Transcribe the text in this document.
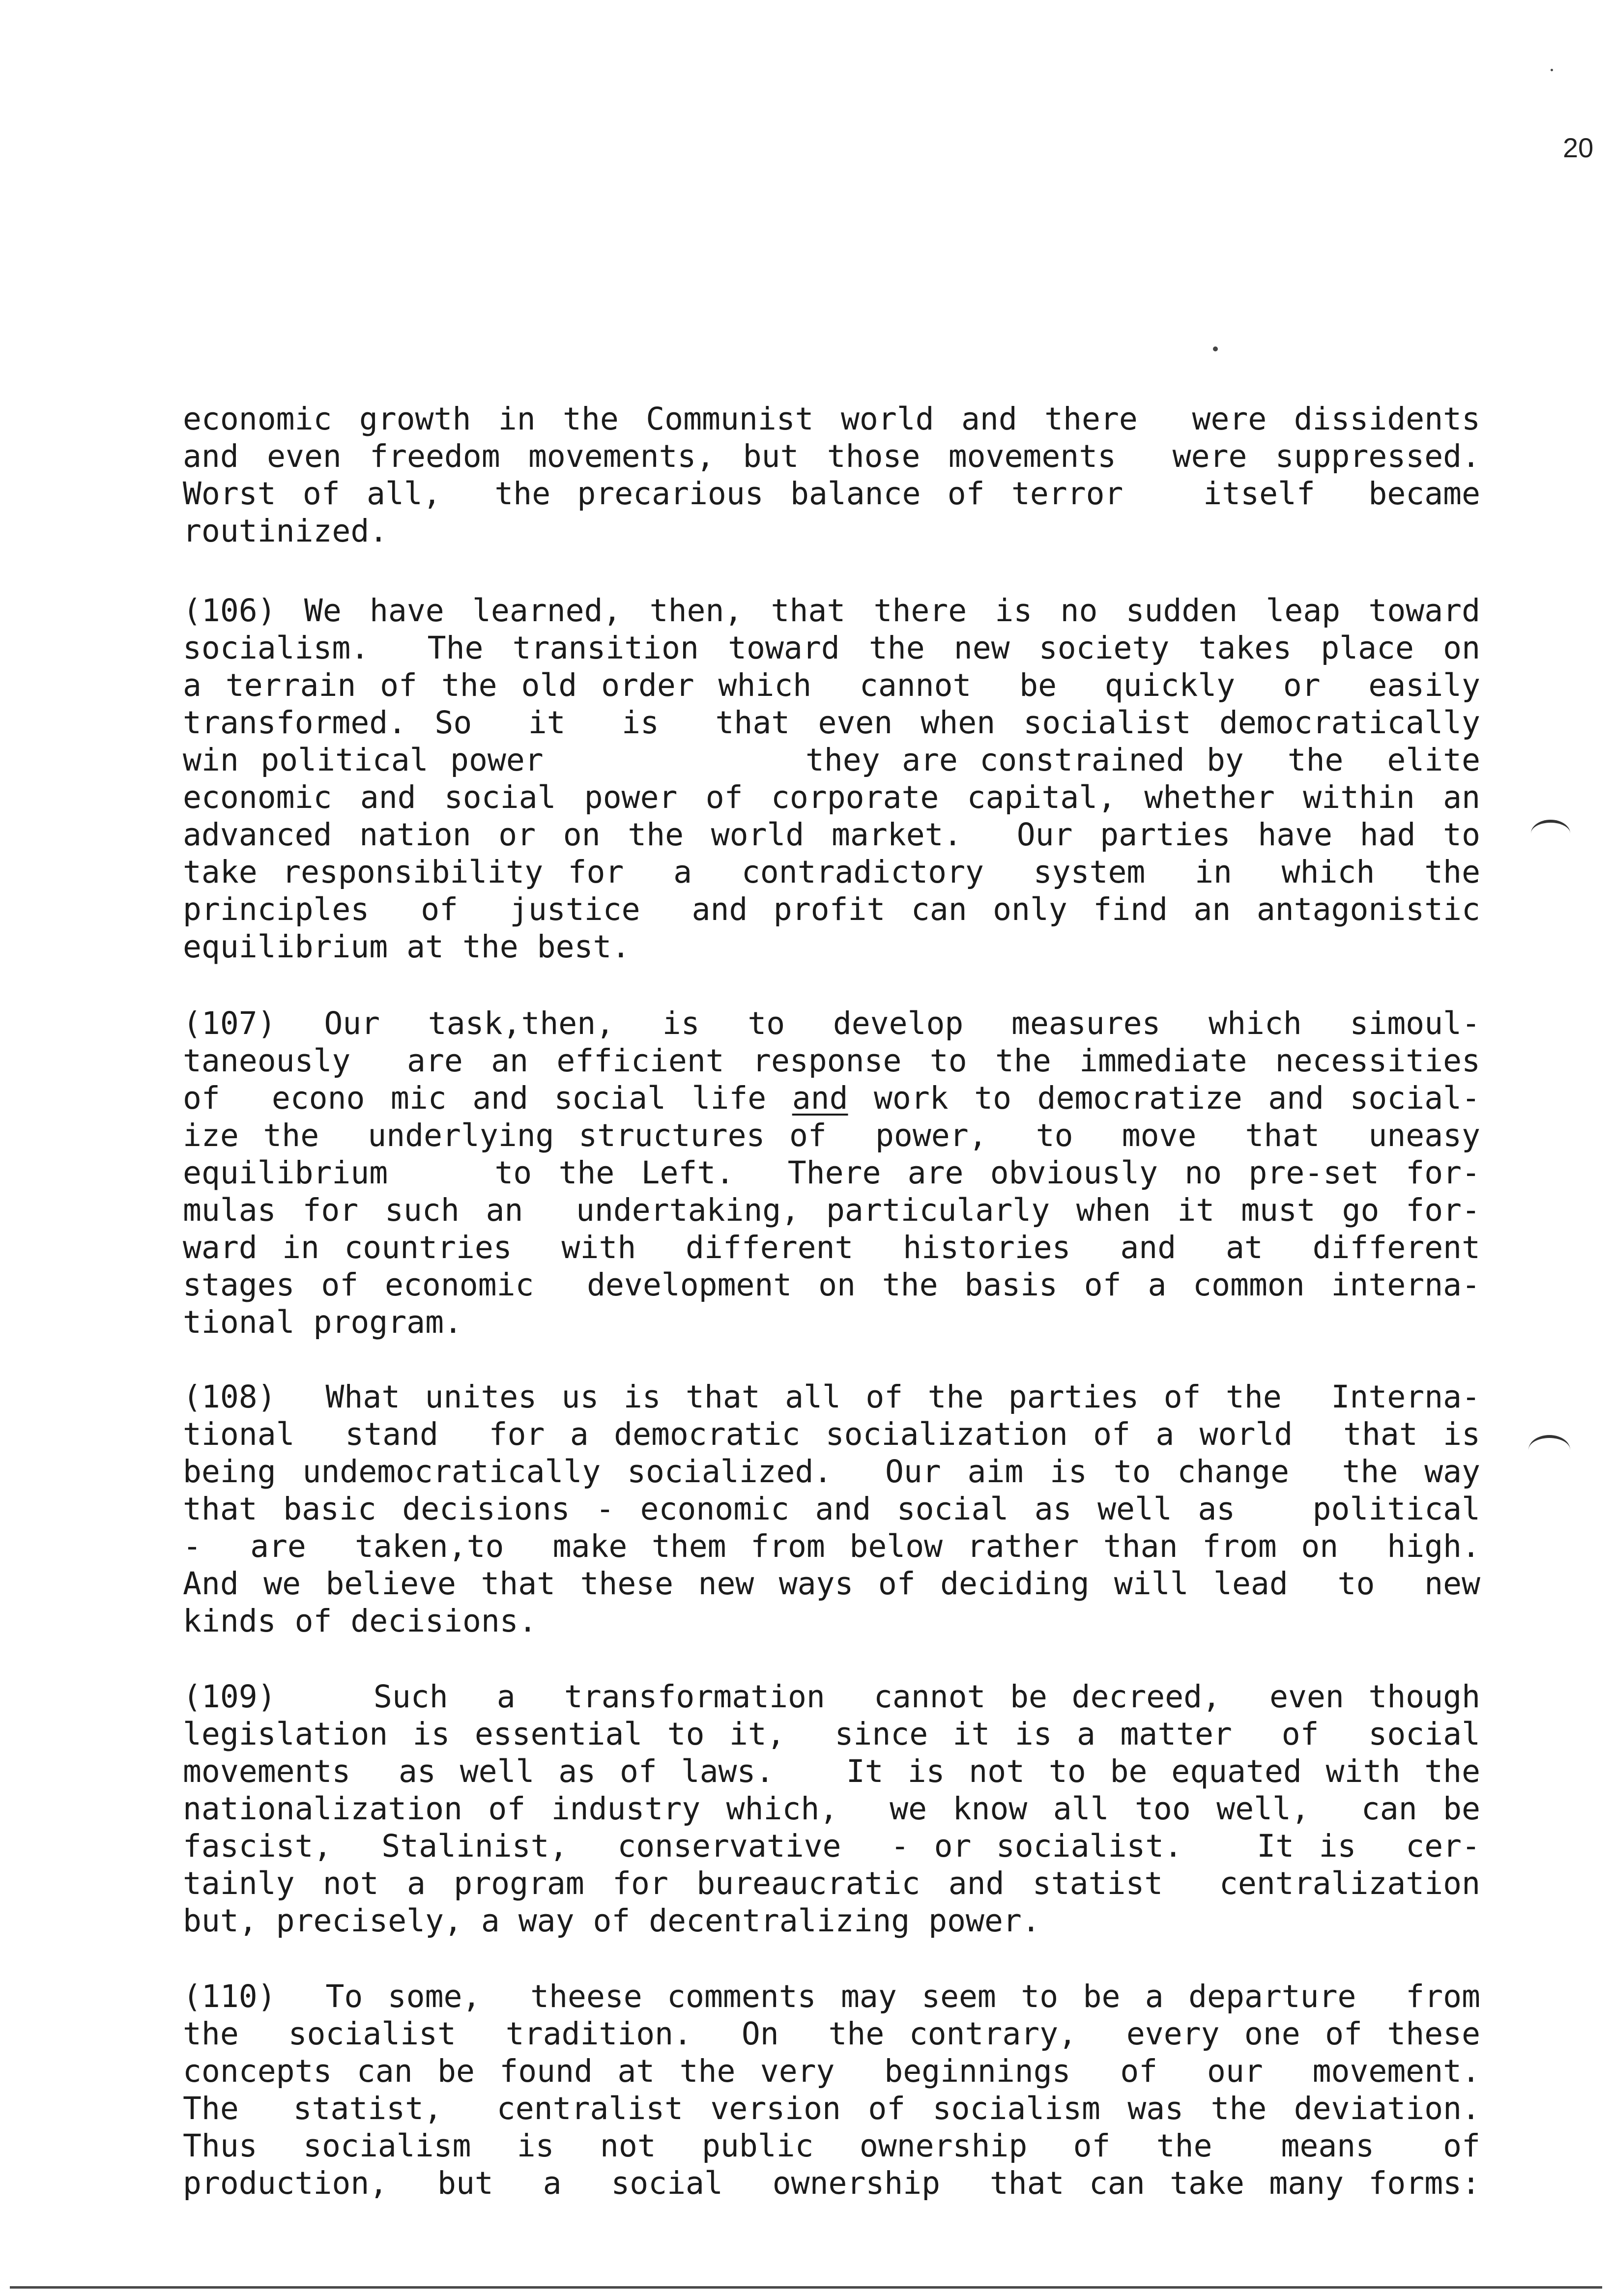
20
economic growth in the Communist world and there  were dissidents
and even freedom movements, but those movements  were suppressed.
Worst of all,  the precarious balance of terror   itself  became
routinized.
(106) We have learned, then, that there is no sudden leap toward
socialism.  The transition toward the new society takes place on
a terrain of the old order which  cannot  be  quickly  or  easily
transformed. So  it  is  that even when socialist democratically
win political power            they are constrained by  the  elite
economic and social power of corporate capital, whether within an
advanced nation or on the world market.  Our parties have had to
take responsibility for  a  contradictory  system  in  which  the
principles  of  justice  and profit can only find an antagonistic
equilibrium at the best.
(107)  Our  task,then,  is  to  develop  measures  which  simoul-
taneously  are an efficient response to the immediate necessities
of  econo mic and social life and work to democratize and social-
ize the  underlying structures of  power,  to  move  that  uneasy
equilibrium    to the Left.  There are obviously no pre-set for-
mulas for such an  undertaking, particularly when it must go for-
ward in countries  with  different  histories  and  at  different
stages of economic  development on the basis of a common interna-
tional program.
(108)  What unites us is that all of the parties of the  Interna-
tional  stand  for a democratic socialization of a world  that is
being undemocratically socialized.  Our aim is to change  the way
that basic decisions - economic and social as well as   political
-  are  taken,to  make them from below rather than from on  high.
And we believe that these new ways of deciding will lead  to  new
kinds of decisions.
(109)    Such  a  transformation  cannot be decreed,  even though
legislation is essential to it,  since it is a matter  of  social
movements  as well as of laws.   It is not to be equated with the
nationalization of industry which,  we know all too well,  can be
fascist,  Stalinist,  conservative  - or socialist.   It is  cer-
tainly not a program for bureaucratic and statist  centralization
but, precisely, a way of decentralizing power.
(110)  To some,  theese comments may seem to be a departure  from
the  socialist  tradition.  On  the contrary,  every one of these
concepts can be found at the very  beginnings  of  our  movement.
The  statist,  centralist version of socialism was the deviation.
Thus  socialism  is  not  public  ownership  of  the   means   of
production,  but  a  social  ownership  that can take many forms:
